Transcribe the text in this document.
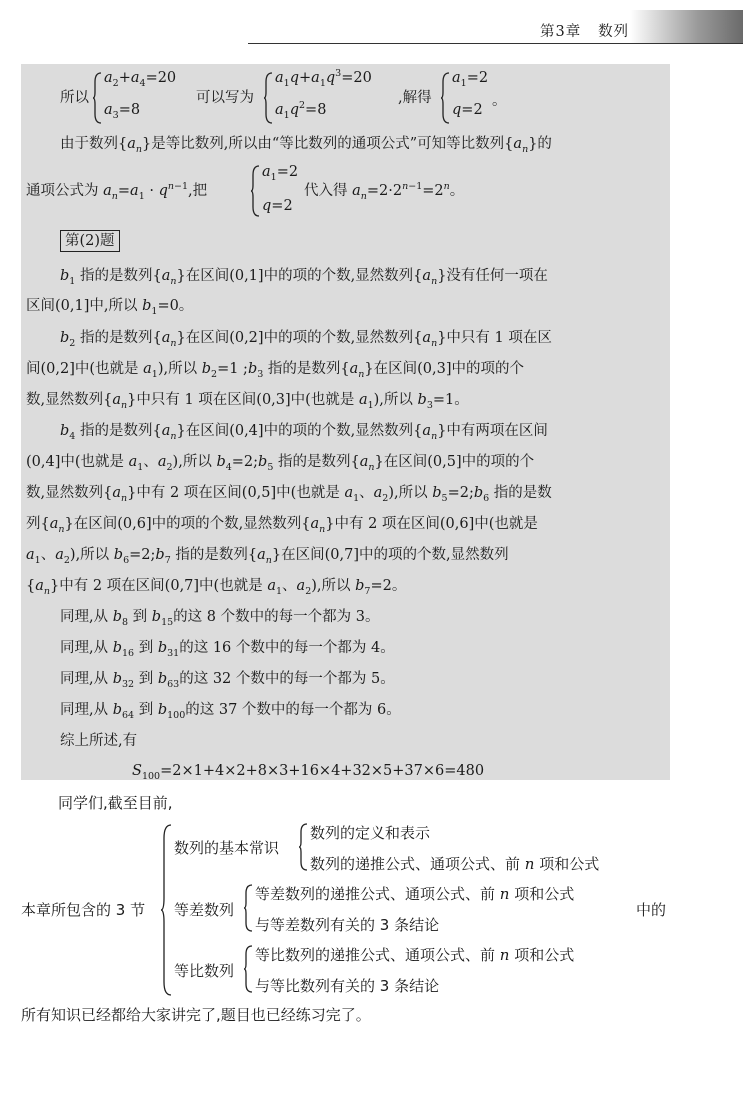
第3章 数列
所以
$a_2+a_4=20$
$a_3=8$
可以写为
$a_1q+a_1q^3=20$
$a_1q^2=8$
,解得
$a_1=2$
q=2
。
由于数列$\{a_n\}$是等比数列,所以由“等比数列的通项公式”可知等比数列$\{a_n\}$的
通项公式为 $a_n=a_1 \cdot q^{n-1}$,把
$a_1=2$
q=2
代入得 $a_n=2\cdot 2^{n-1}=2^n$。
第(2)题
$b_1$ 指的是数列$\{a_n\}$在区间(0,1]中的项的个数,显然数列$\{a_n\}$没有任何一项在
区间(0,1]中,所以 $b_1=0$。
$b_2$ 指的是数列$\{a_n\}$在区间(0,2]中的项的个数,显然数列$\{a_n\}$中只有 1 项在区
间(0,2]中(也就是 $a_1$),所以 $b_2=1$ $;b_3$ 指的是数列$\{a_n\}$在区间(0,3]中的项的个
数,显然数列$\{a_n\}$中只有 1 项在区间(0,3]中(也就是 $a_1$),所以 $b_3=1$。
$b_4$ 指的是数列$\{a_n\}$在区间(0,4]中的项的个数,显然数列$\{a_n\}$中有两项在区间
(0,4]中(也就是 $a_1$、$a_2$),所以 $b_4=2;b_5$ 指的是数列$\{a_n\}$在区间(0,5]中的项的个
数,显然数列$\{a_n\}$中有 2 项在区间(0,5]中(也就是 $a_1$、$a_2$),所以 $b_5=2;b_6$ 指的是数
列$\{a_n\}$在区间(0,6]中的项的个数,显然数列$\{a_n\}$中有 2 项在区间(0,6]中(也就是
$a_1$、$a_2$),所以 $b_6=2;b_7$ 指的是数列$\{a_n\}$在区间(0,7]中的项的个数,显然数列
$\{a_n\}$中有 2 项在区间(0,7]中(也就是 $a_1$、$a_2$),所以 $b_7=2$。
同理,从 $b_8$ 到 $b_{15}$的这 8 个数中的每一个都为 3。
同理,从 $b_{16}$ 到 $b_{31}$的这 16 个数中的每一个都为 4。
同理,从 $b_{32}$ 到 $b_{63}$的这 32 个数中的每一个都为 5。
同理,从 $b_{64}$ 到 $b_{100}$的这 37 个数中的每一个都为 6。
综上所述,有
$S_{100}=2\times 1+4\times 2+8\times 3+16\times 4+32\times 5+37\times 6=480$
同学们,截至目前,
本章所包含的 3 节
数列的基本常识
数列的定义和表示
数列的递推公式、通项公式、前 n 项和公式
等差数列
等差数列的递推公式、通项公式、前 n 项和公式
与等差数列有关的 3 条结论
等比数列
等比数列的递推公式、通项公式、前 n 项和公式
与等比数列有关的 3 条结论
中的
所有知识已经都给大家讲完了,题目也已经练习完了。
